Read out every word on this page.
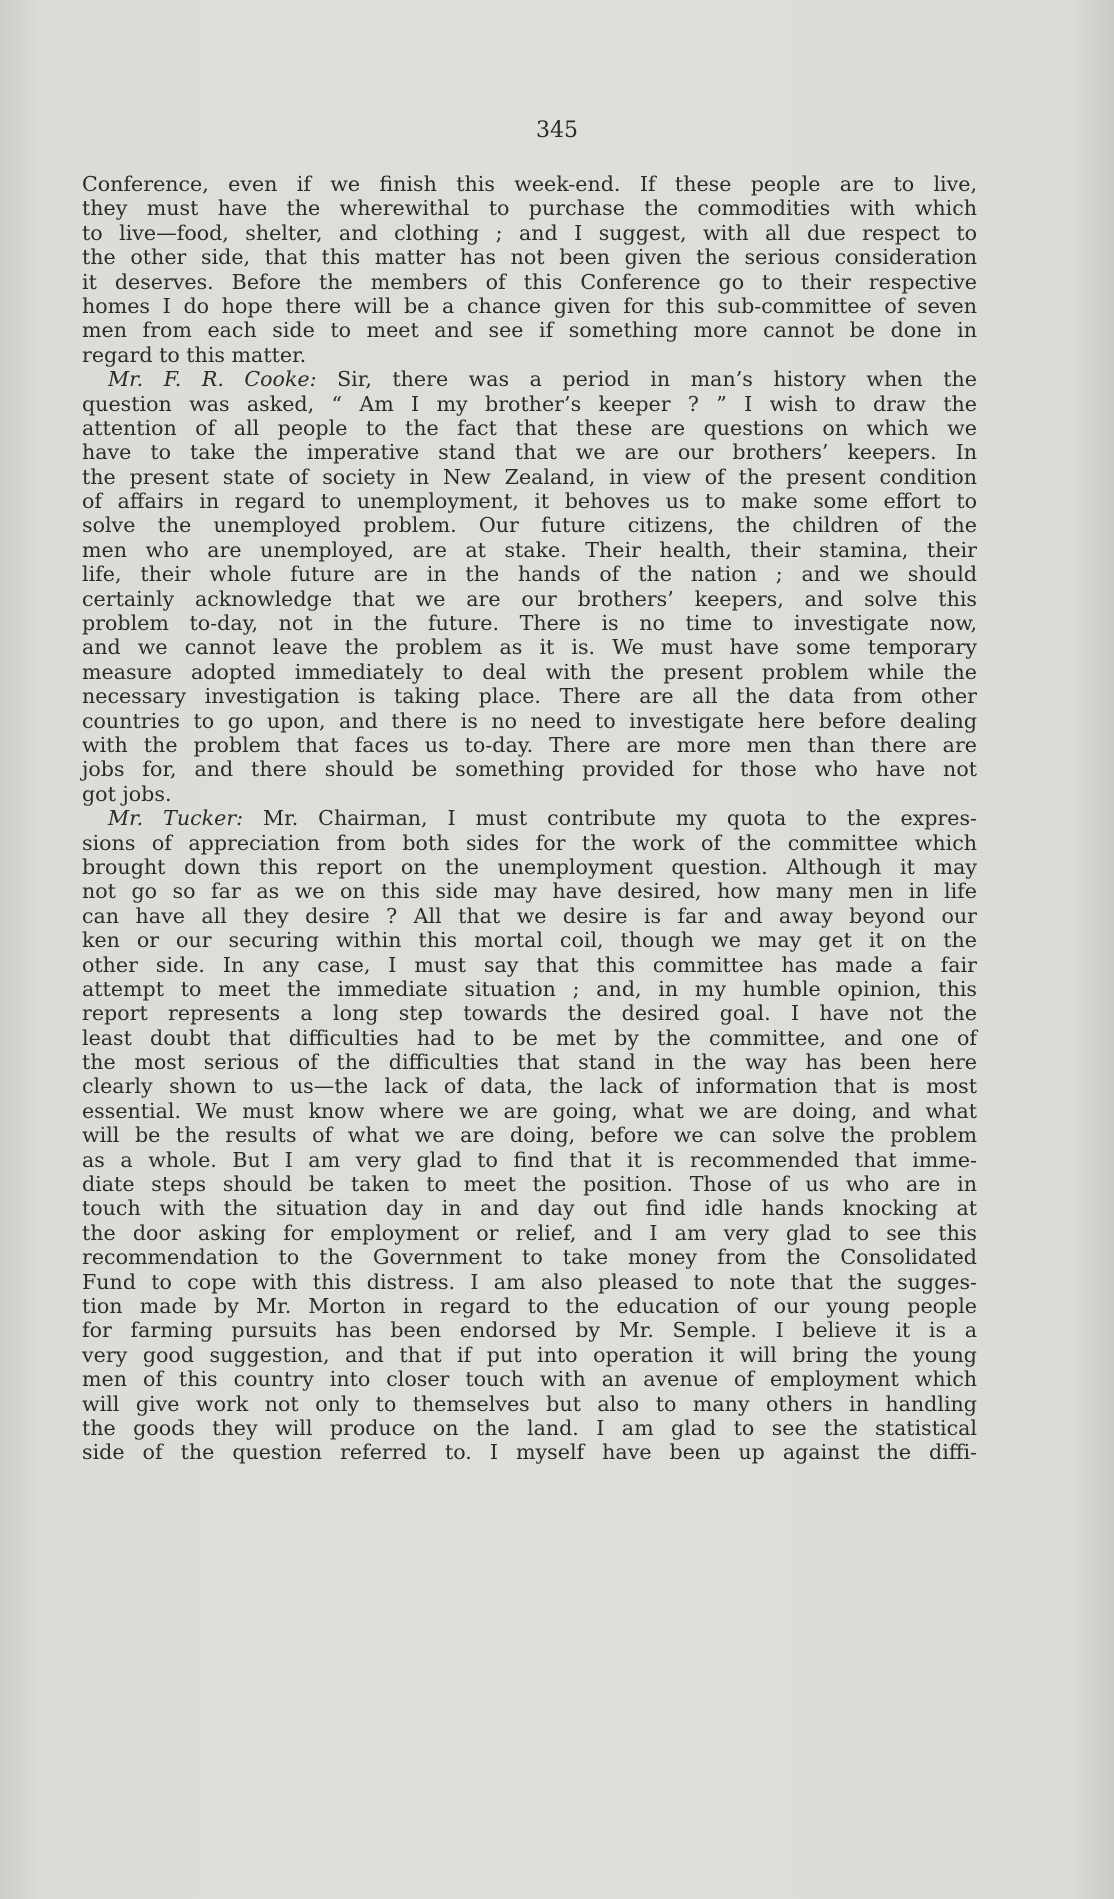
345
Conference, even if we finish this week-end. If these people are to live,
they must have the wherewithal to purchase the commodities with which
to live—food, shelter, and clothing ; and I suggest, with all due respect to
the other side, that this matter has not been given the serious consideration
it deserves. Before the members of this Conference go to their respective
homes I do hope there will be a chance given for this sub-committee of seven
men from each side to meet and see if something more cannot be done in
regard to this matter.
Mr. F. R. Cooke: Sir, there was a period in man’s history when the
question was asked, “ Am I my brother’s keeper ? ” I wish to draw the
attention of all people to the fact that these are questions on which we
have to take the imperative stand that we are our brothers’ keepers. In
the present state of society in New Zealand, in view of the present condition
of affairs in regard to unemployment, it behoves us to make some effort to
solve the unemployed problem. Our future citizens, the children of the
men who are unemployed, are at stake. Their health, their stamina, their
life, their whole future are in the hands of the nation ; and we should
certainly acknowledge that we are our brothers’ keepers, and solve this
problem to-day, not in the future. There is no time to investigate now,
and we cannot leave the problem as it is. We must have some temporary
measure adopted immediately to deal with the present problem while the
necessary investigation is taking place. There are all the data from other
countries to go upon, and there is no need to investigate here before dealing
with the problem that faces us to-day. There are more men than there are
jobs for, and there should be something provided for those who have not
got jobs.
Mr. Tucker: Mr. Chairman, I must contribute my quota to the expres-
sions of appreciation from both sides for the work of the committee which
brought down this report on the unemployment question. Although it may
not go so far as we on this side may have desired, how many men in life
can have all they desire ? All that we desire is far and away beyond our
ken or our securing within this mortal coil, though we may get it on the
other side. In any case, I must say that this committee has made a fair
attempt to meet the immediate situation ; and, in my humble opinion, this
report represents a long step towards the desired goal. I have not the
least doubt that difficulties had to be met by the committee, and one of
the most serious of the difficulties that stand in the way has been here
clearly shown to us—the lack of data, the lack of information that is most
essential. We must know where we are going, what we are doing, and what
will be the results of what we are doing, before we can solve the problem
as a whole. But I am very glad to find that it is recommended that imme-
diate steps should be taken to meet the position. Those of us who are in
touch with the situation day in and day out find idle hands knocking at
the door asking for employment or relief, and I am very glad to see this
recommendation to the Government to take money from the Consolidated
Fund to cope with this distress. I am also pleased to note that the sugges-
tion made by Mr. Morton in regard to the education of our young people
for farming pursuits has been endorsed by Mr. Semple. I believe it is a
very good suggestion, and that if put into operation it will bring the young
men of this country into closer touch with an avenue of employment which
will give work not only to themselves but also to many others in handling
the goods they will produce on the land. I am glad to see the statistical
side of the question referred to. I myself have been up against the diffi-
